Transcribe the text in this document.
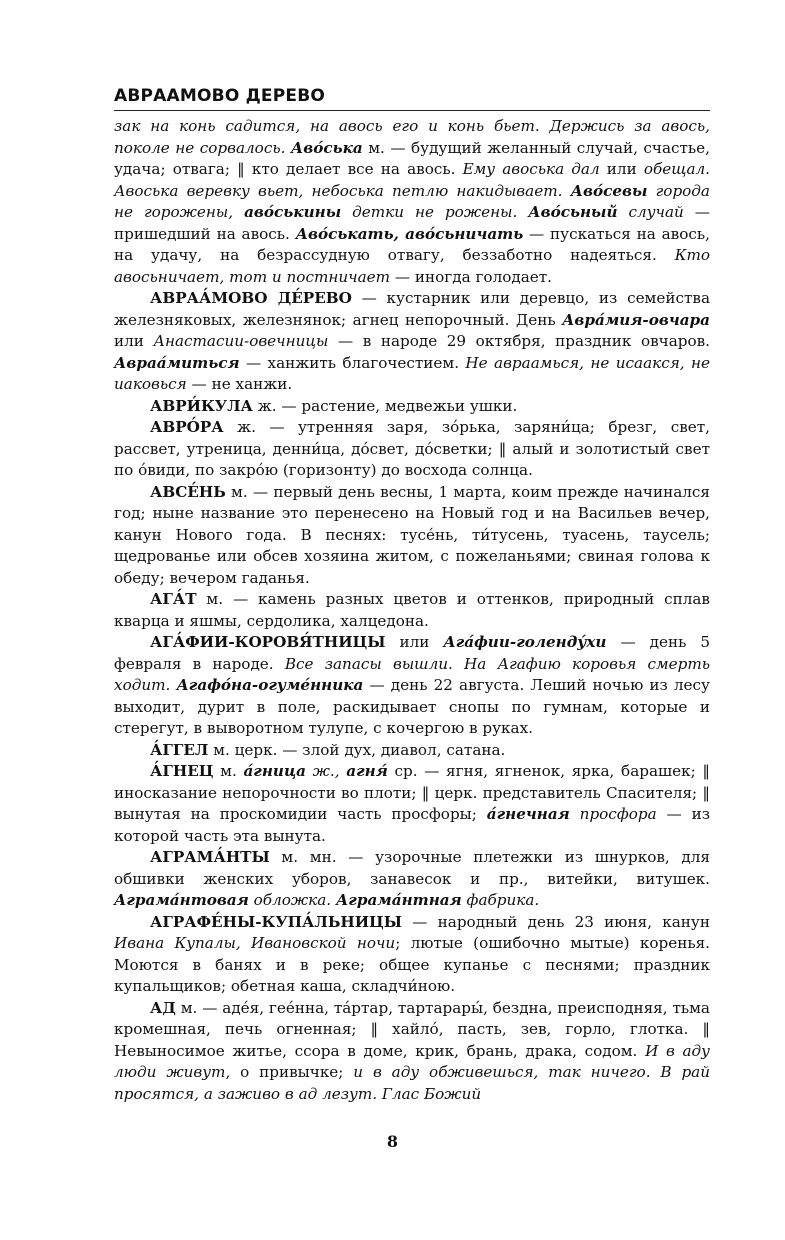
АВРААМОВО ДЕРЕВО

зак на конь садится, на авось его и конь бьет. Держись за авось, поколе не сорвалось. Аво́ська м. — будущий желанный случай, счастье, удача; отвага; ‖ кто делает все на авось. Ему авоська дал или обещал. Авоська веревку вьет, небоська петлю накидывает. Аво́севы города не горожены, аво́ськины детки не рожены. Аво́сьный случай — пришедший на авось. Аво́ськать, аво́сьничать — пускаться на авось, на удачу, на безрассудную отвагу, беззаботно надеяться. Кто авосьничает, тот и постничает — иногда голодает.

АВРАА́МОВО ДЕ́РЕВО — кустарник или деревцо, из семейства железняковых, железнянок; агнец непорочный. День Авра́мия-овчара или Анастасии-овечницы — в народе 29 октября, праздник овчаров. Авраа́миться — ханжить благочестием. Не авраамься, не исаакся, не иаковься — не ханжи.

АВРИ́КУЛА ж. — растение, медвежьи ушки.

АВРО́РА ж. — утренняя заря, зо́рька, заряни́ца; брезг, свет, рассвет, утреница, денни́ца, до́свет, до́светки; ‖ алый и золотистый свет по о́види, по закро́ю (горизонту) до восхода солнца.

АВСЕ́НЬ м. — первый день весны, 1 марта, коим прежде начинался год; ныне название это перенесено на Новый год и на Васильев вечер, канун Нового года. В песнях: тусе́нь, ти́тусень, туасень, таусель; щедрованье или обсев хозяина житом, с пожеланьями; свиная голова к обеду; вечером гаданья.

АГА́Т м. — камень разных цветов и оттенков, природный сплав кварца и яшмы, сердолика, халцедона.

АГА́ФИИ-КОРОВЯ́ТНИЦЫ или Ага́фии-голенду́хи — день 5 февраля в народе. Все запасы вышли. На Агафию коровья смерть ходит. Агафо́на-огуме́нника — день 22 августа. Леший ночью из лесу выходит, дурит в поле, раскидывает снопы по гумнам, которые и стерегут, в выворотном тулупе, с кочергою в руках.

А́ГГЕЛ м. церк. — злой дух, диавол, сатана.

А́ГНЕЦ м. а́гница ж., агня́ ср. — ягня, ягненок, ярка, барашек; ‖ иносказание непорочности во плоти; ‖ церк. представитель Спасителя; ‖ вынутая на проскомидии часть просфоры; а́гнечная просфора — из которой часть эта вынута.

АГРАМА́НТЫ м. мн. — узорочные плетежки из шнурков, для обшивки женских уборов, занавесок и пр., витейки, витушек. Аграма́нтовая обложка. Аграма́нтная фабрика.

АГРАФЕ́НЫ-КУПА́ЛЬНИЦЫ — народный день 23 июня, канун Ивана Купалы, Ивановской ночи; лютые (ошибочно мытые) коренья. Моются в банях и в реке; общее купанье с песнями; праздник купальщиков; обетная каша, складчи́ною.

АД м. — аде́я, гее́нна, та́ртар, тартарары́, бездна, преисподняя, тьма кромешная, печь огненная; ‖ хайло́, пасть, зев, горло, глотка. ‖ Невыносимое житье, ссора в доме, крик, брань, драка, содом. И в аду люди живут, о привычке; и в аду обживешься, так ничего. В рай просятся, а заживо в ад лезут. Глас Божий

8
